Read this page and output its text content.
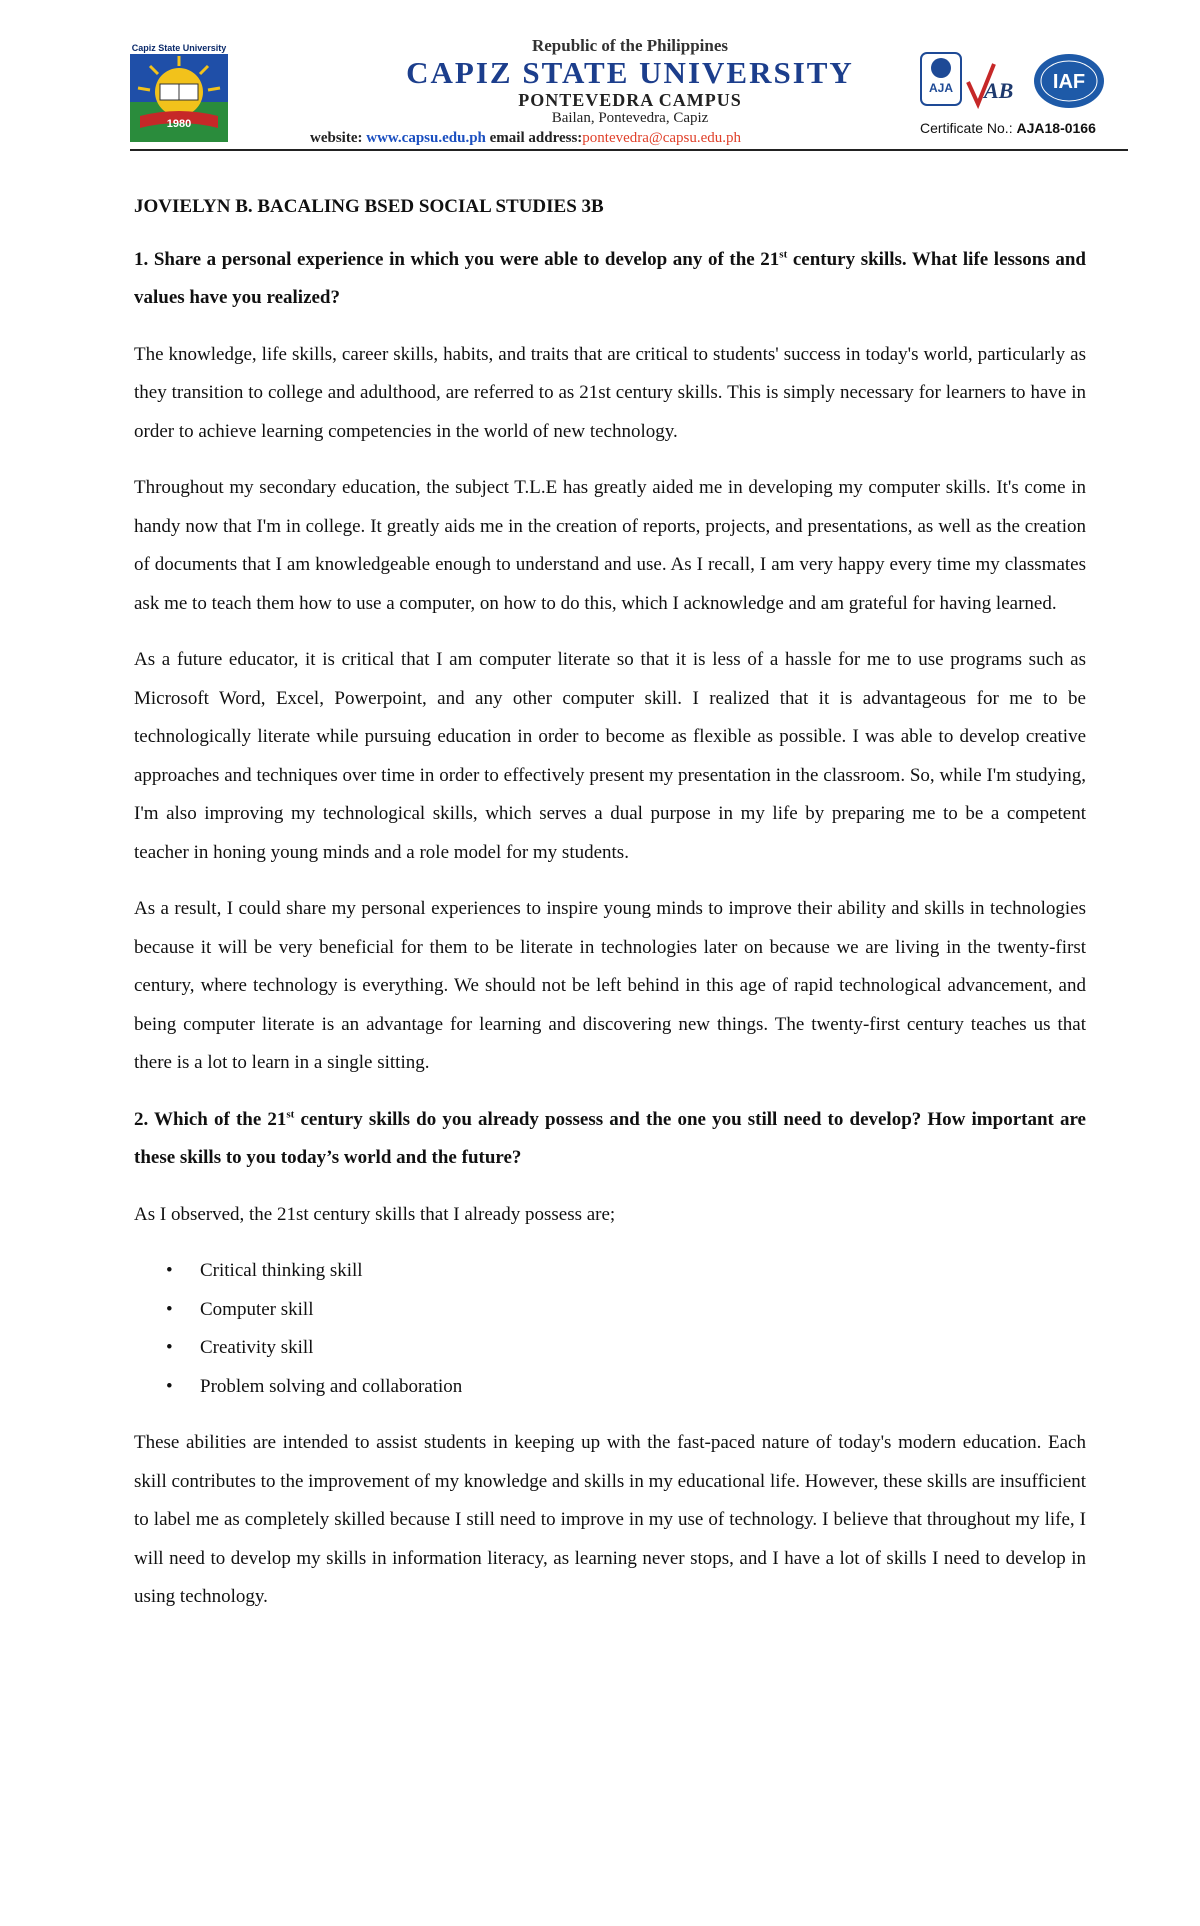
Capiz State University
1980
Republic of the Philippines
CAPIZ STATE UNIVERSITY
PONTEVEDRA CAMPUS
Bailan, Pontevedra, Capiz
website: www.capsu.edu.ph email address:pontevedra@capsu.edu.ph
AJA AB IAF
Certificate No.: AJA18-0166

JOVIELYN B. BACALING BSED SOCIAL STUDIES 3B

1. Share a personal experience in which you were able to develop any of the 21st century skills. What life lessons and values have you realized?

The knowledge, life skills, career skills, habits, and traits that are critical to students' success in today's world, particularly as they transition to college and adulthood, are referred to as 21st century skills. This is simply necessary for learners to have in order to achieve learning competencies in the world of new technology.

Throughout my secondary education, the subject T.L.E has greatly aided me in developing my computer skills. It's come in handy now that I'm in college. It greatly aids me in the creation of reports, projects, and presentations, as well as the creation of documents that I am knowledgeable enough to understand and use. As I recall, I am very happy every time my classmates ask me to teach them how to use a computer, on how to do this, which I acknowledge and am grateful for having learned.

As a future educator, it is critical that I am computer literate so that it is less of a hassle for me to use programs such as Microsoft Word, Excel, Powerpoint, and any other computer skill. I realized that it is advantageous for me to be technologically literate while pursuing education in order to become as flexible as possible. I was able to develop creative approaches and techniques over time in order to effectively present my presentation in the classroom. So, while I'm studying, I'm also improving my technological skills, which serves a dual purpose in my life by preparing me to be a competent teacher in honing young minds and a role model for my students.

As a result, I could share my personal experiences to inspire young minds to improve their ability and skills in technologies because it will be very beneficial for them to be literate in technologies later on because we are living in the twenty-first century, where technology is everything. We should not be left behind in this age of rapid technological advancement, and being computer literate is an advantage for learning and discovering new things. The twenty-first century teaches us that there is a lot to learn in a single sitting.

2. Which of the 21st century skills do you already possess and the one you still need to develop? How important are these skills to you today’s world and the future?

As I observed, the 21st century skills that I already possess are;

• Critical thinking skill
• Computer skill
• Creativity skill
• Problem solving and collaboration

These abilities are intended to assist students in keeping up with the fast-paced nature of today's modern education. Each skill contributes to the improvement of my knowledge and skills in my educational life. However, these skills are insufficient to label me as completely skilled because I still need to improve in my use of technology. I believe that throughout my life, I will need to develop my skills in information literacy, as learning never stops, and I have a lot of skills I need to develop in using technology.
